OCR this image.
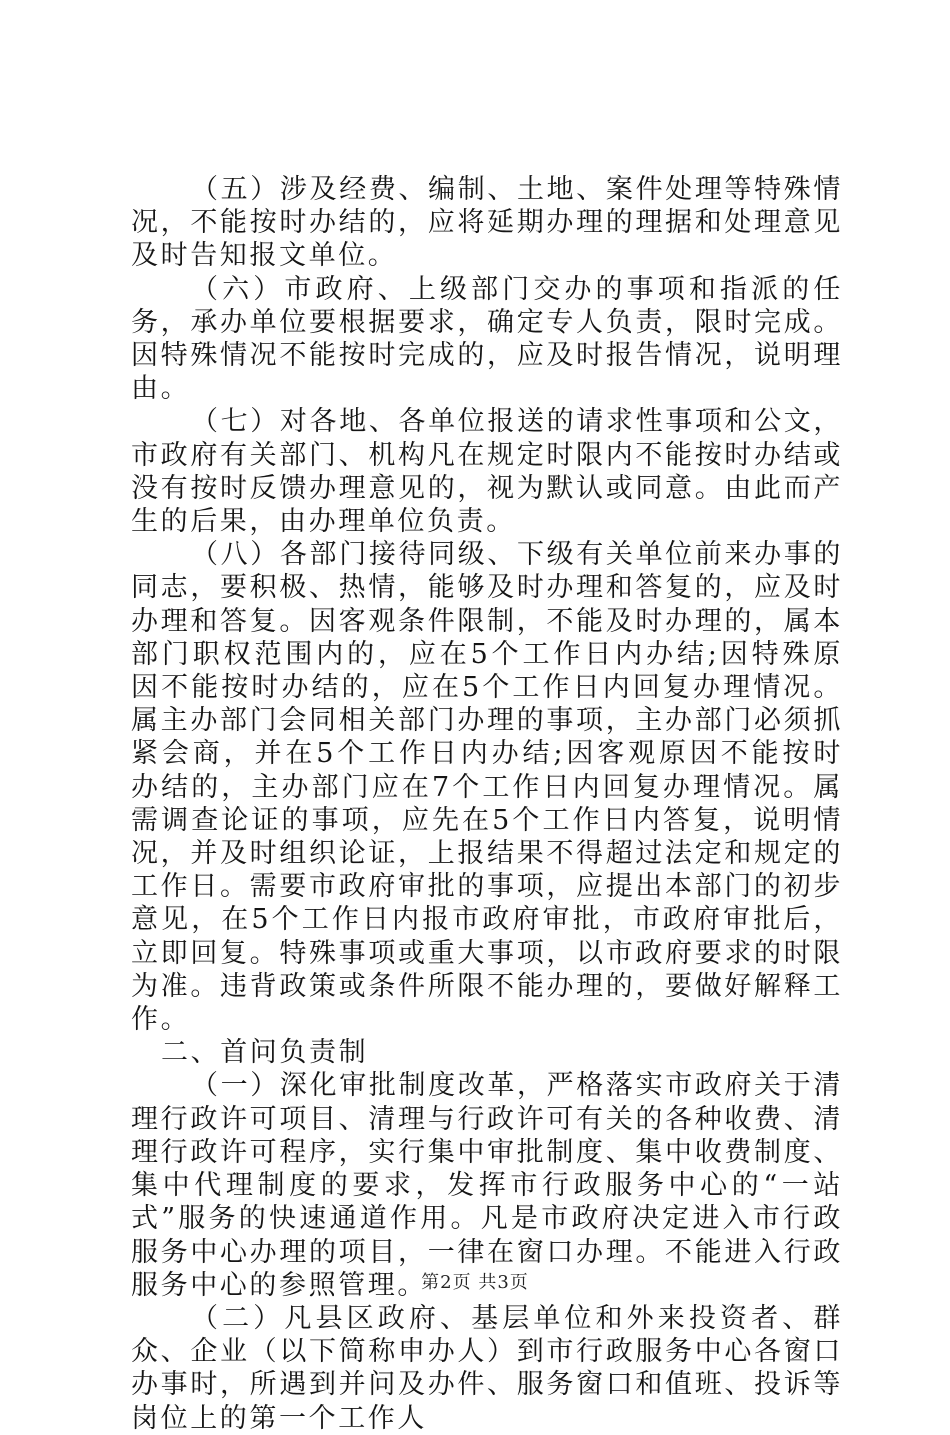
（五）涉及经费、编制、土地、案件处理等特殊情况，不能按时办结的，应将延期办理的理据和处理意见及时告知报文单位。

（六）市政府、上级部门交办的事项和指派的任务，承办单位要根据要求，确定专人负责，限时完成。因特殊情况不能按时完成的，应及时报告情况，说明理由。

（七）对各地、各单位报送的请求性事项和公文，市政府有关部门、机构凡在规定时限内不能按时办结或没有按时反馈办理意见的，视为默认或同意。由此而产生的后果，由办理单位负责。

（八）各部门接待同级、下级有关单位前来办事的同志，要积极、热情，能够及时办理和答复的，应及时办理和答复。因客观条件限制，不能及时办理的，属本部门职权范围内的，应在5个工作日内办结;因特殊原因不能按时办结的，应在5个工作日内回复办理情况。属主办部门会同相关部门办理的事项，主办部门必须抓紧会商，并在5个工作日内办结;因客观原因不能按时办结的，主办部门应在7个工作日内回复办理情况。属需调查论证的事项，应先在5个工作日内答复，说明情况，并及时组织论证，上报结果不得超过法定和规定的工作日。需要市政府审批的事项，应提出本部门的初步意见，在5个工作日内报市政府审批，市政府审批后，立即回复。特殊事项或重大事项，以市政府要求的时限为准。违背政策或条件所限不能办理的，要做好解释工作。

二、首问负责制

（一）深化审批制度改革，严格落实市政府关于清理行政许可项目、清理与行政许可有关的各种收费、清理行政许可程序，实行集中审批制度、集中收费制度、集中代理制度的要求，发挥市行政服务中心的“一站式”服务的快速通道作用。凡是市政府决定进入市行政服务中心办理的项目，一律在窗口办理。不能进入行政服务中心的参照管理。

（二）凡县区政府、基层单位和外来投资者、群众、企业（以下简称申办人）到市行政服务中心各窗口办事时，所遇到并问及办件、服务窗口和值班、投诉等岗位上的第一个工作人

第2页 共3页
